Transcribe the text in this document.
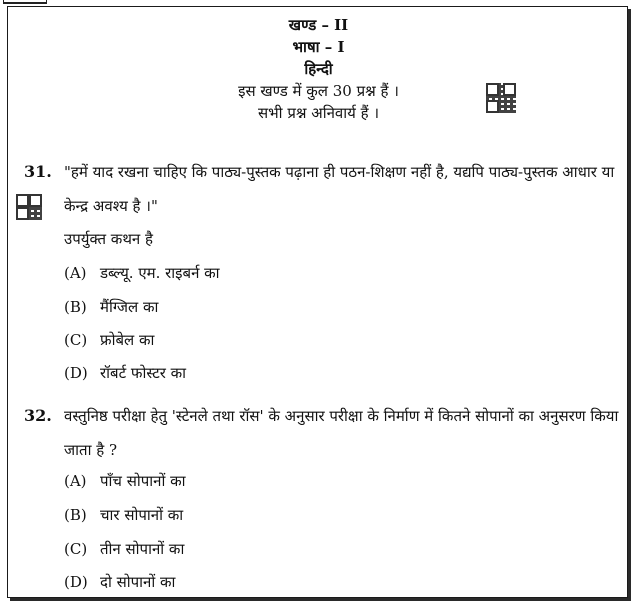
खण्ड – II
भाषा – I
हिन्दी
इस खण्ड में कुल 30 प्रश्न हैं ।
सभी प्रश्न अनिवार्य हैं ।
31. "हमें याद रखना चाहिए कि पाठ्य-पुस्तक पढ़ाना ही पठन-शिक्षण नहीं है, यद्यपि पाठ्य-पुस्तक आधार या केन्द्र अवश्य है ।"
उपर्युक्त कथन है
(A) डब्ल्यू. एम. राइबर्न का
(B) मैंग्जिल का
(C) फ्रोबेल का
(D) रॉबर्ट फोस्टर का
32. वस्तुनिष्ठ परीक्षा हेतु 'स्टेनले तथा रॉस' के अनुसार परीक्षा के निर्माण में कितने सोपानों का अनुसरण किया जाता है ?
(A) पाँच सोपानों का
(B) चार सोपानों का
(C) तीन सोपानों का
(D) दो सोपानों का
